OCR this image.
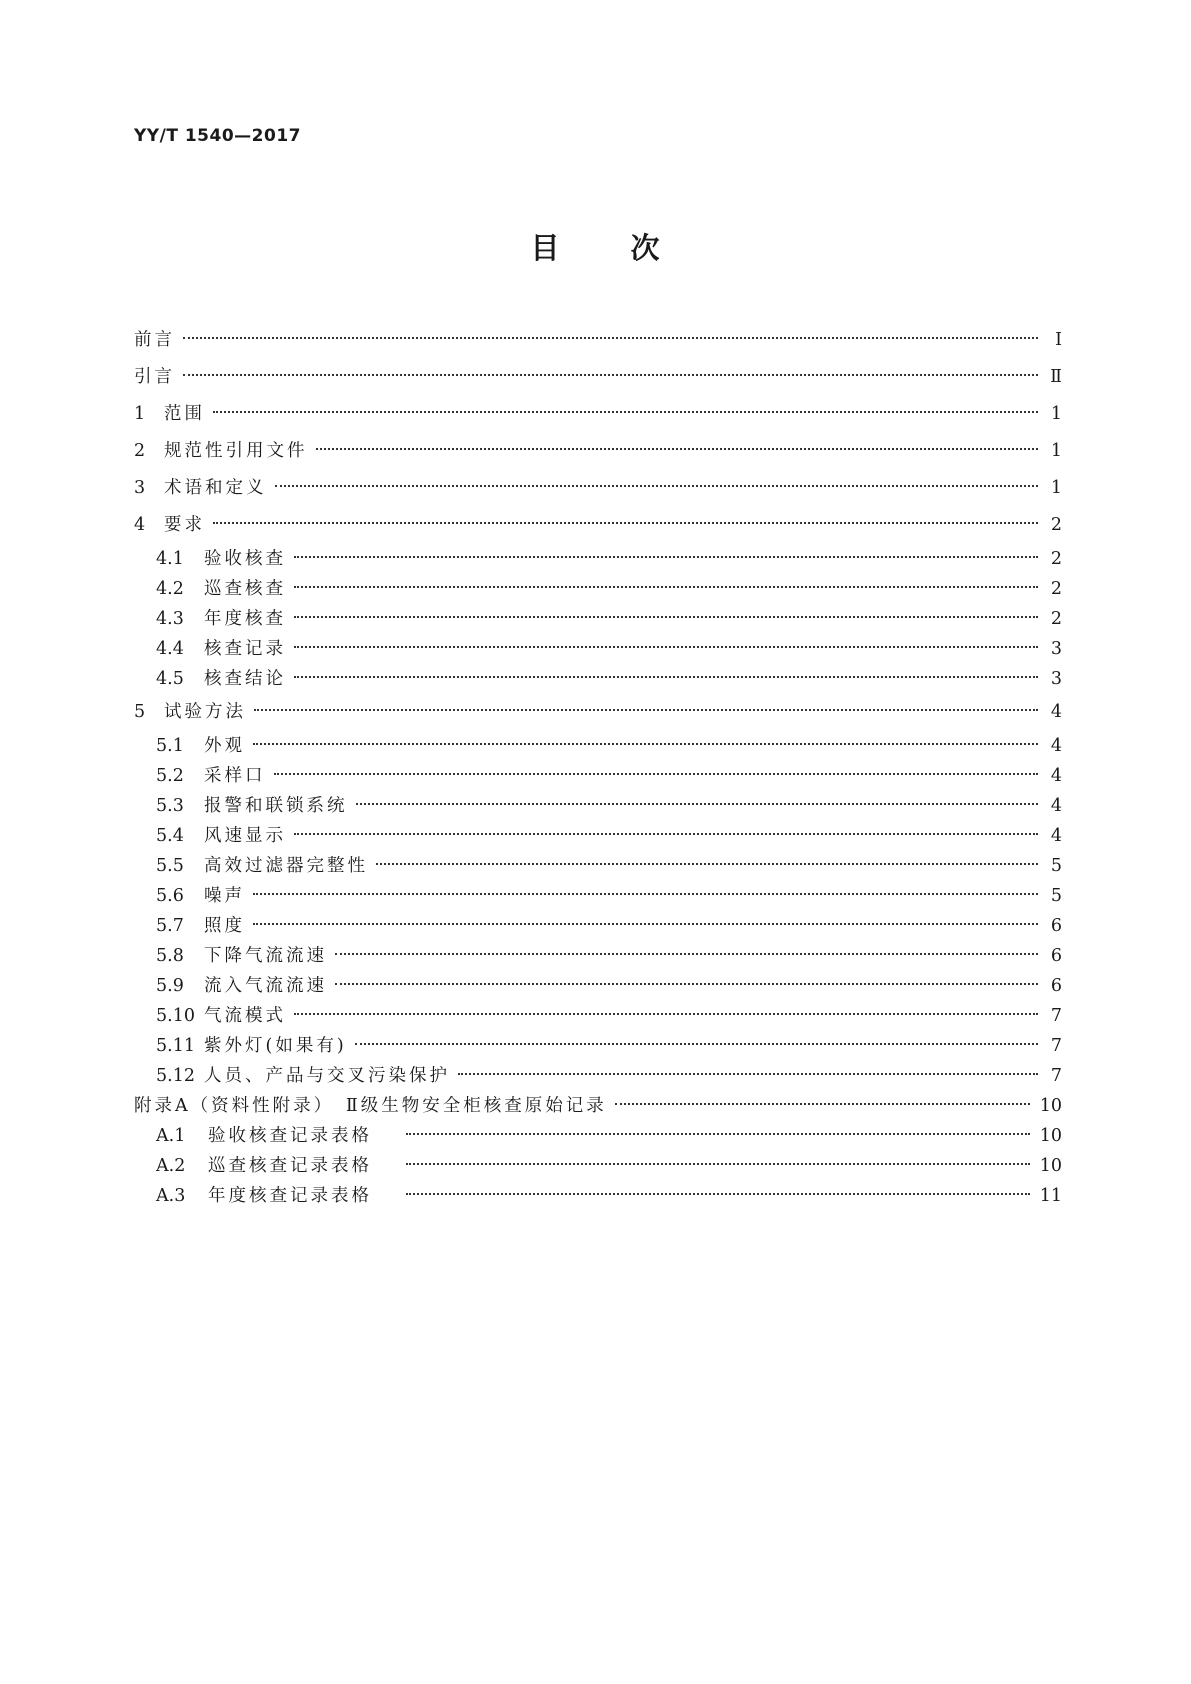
YY/T 1540—2017
目 次
前言	Ⅰ
引言	Ⅱ
1	范围	1
2	规范性引用文件	1
3	术语和定义	1
4	要求	2
4.1	验收核查	2
4.2	巡查核查	2
4.3	年度核查	2
4.4	核查记录	3
4.5	核查结论	3
5	试验方法	4
5.1	外观	4
5.2	采样口	4
5.3	报警和联锁系统	4
5.4	风速显示	4
5.5	高效过滤器完整性	5
5.6	噪声	5
5.7	照度	6
5.8	下降气流流速	6
5.9	流入气流流速	6
5.10 气流模式	7
5.11 紫外灯(如果有)	7
5.12 人员、产品与交叉污染保护	7
附录A（资料性附录）　Ⅱ级生物安全柜核查原始记录	10
A.1	验收核查记录表格	10
A.2	巡查核查记录表格	10
A.3	年度核查记录表格	11
